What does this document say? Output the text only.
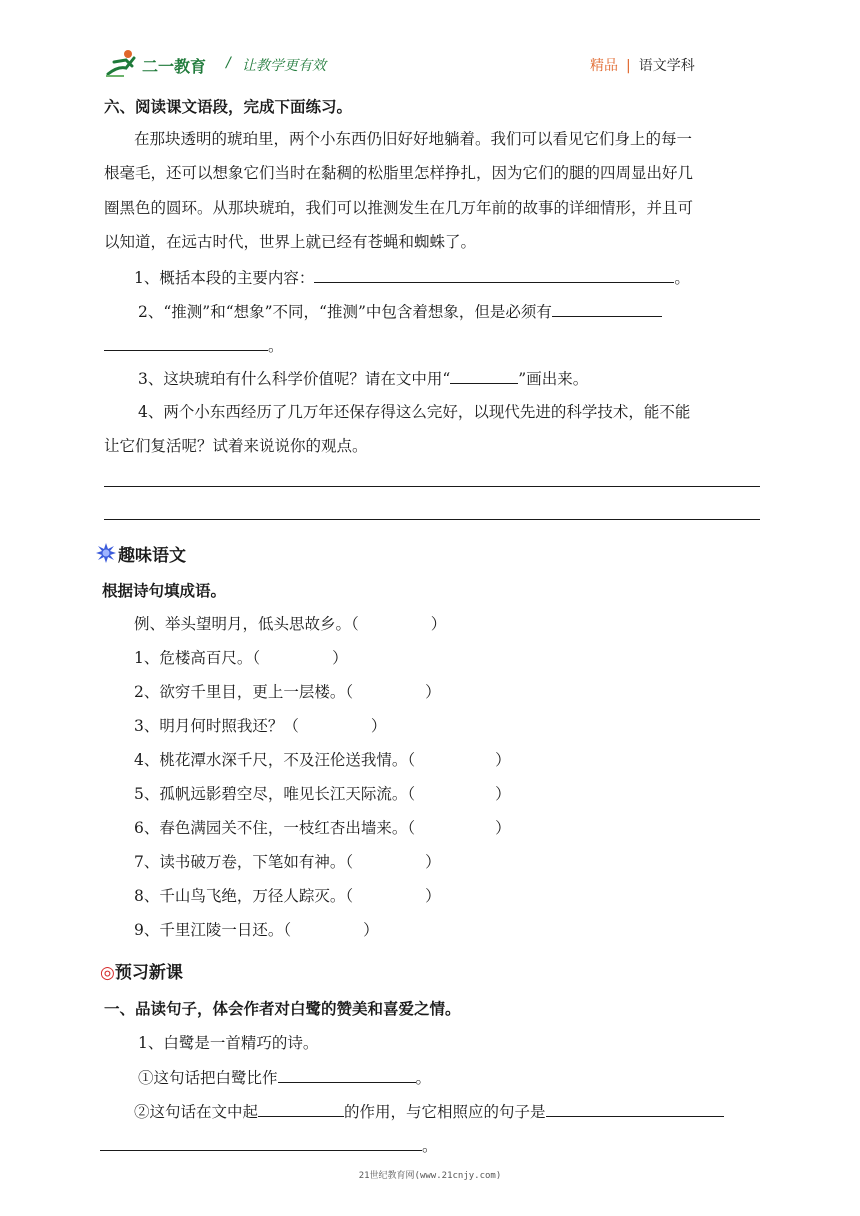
二一教育 / 让教学更有效	精品 | 语文学科
六、阅读课文语段，完成下面练习。
在那块透明的琥珀里，两个小东西仍旧好好地躺着。我们可以看见它们身上的每一
根毫毛，还可以想象它们当时在黏稠的松脂里怎样挣扎，因为它们的腿的四周显出好几
圈黑色的圆环。从那块琥珀，我们可以推测发生在几万年前的故事的详细情形，并且可
以知道，在远古时代，世界上就已经有苍蝇和蜘蛛了。
1、概括本段的主要内容：	。
2、“推测”和“想象”不同，“推测”中包含着想象，但是必须有
。
3、这块琥珀有什么科学价值呢？请在文中用“	”画出来。
4、两个小东西经历了几万年还保存得这么完好，以现代先进的科学技术，能不能
让它们复活呢？试着来说说你的观点。
趣味语文
根据诗句填成语。
例、举头望明月，低头思故乡。（	）
1、危楼高百尺。（	）
2、欲穷千里目，更上一层楼。（	）
3、明月何时照我还？（	）
4、桃花潭水深千尺，不及汪伦送我情。（	）
5、孤帆远影碧空尽，唯见长江天际流。（	）
6、春色满园关不住，一枝红杏出墙来。（	）
7、读书破万卷，下笔如有神。（	）
8、千山鸟飞绝，万径人踪灭。（	）
9、千里江陵一日还。（	）
◎预习新课
一、品读句子，体会作者对白鹭的赞美和喜爱之情。
1、白鹭是一首精巧的诗。
①这句话把白鹭比作	。
②这句话在文中起	的作用，与它相照应的句子是
。
21世纪教育网(www.21cnjy.com)
